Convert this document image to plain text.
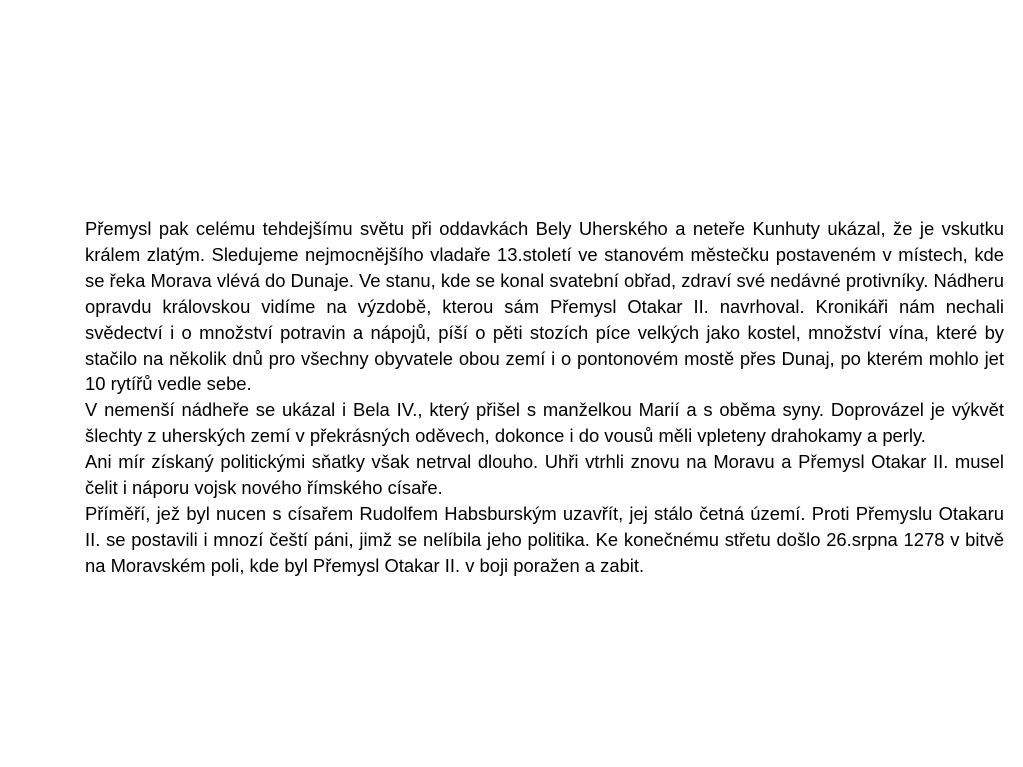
Přemysl pak celému tehdejšímu světu při oddavkách Bely Uherského a neteře Kunhuty ukázal, že je vskutku králem zlatým. Sledujeme nejmocnějšího vladaře 13.století ve stanovém městečku postaveném v místech, kde se řeka Morava vlévá do Dunaje. Ve stanu, kde se konal svatební obřad, zdraví své nedávné protivníky. Nádheru opravdu královskou vidíme na výzdobě, kterou sám Přemysl Otakar II. navrhoval. Kronikáři nám nechali svědectví i o množství potravin a nápojů, píší o pěti stozích píce velkých jako kostel, množství vína, které by stačilo na několik dnů pro všechny obyvatele obou zemí i o pontonovém mostě přes Dunaj, po kterém mohlo jet 10 rytířů vedle sebe.

V nemenší nádheře se ukázal i Bela IV., který přišel s manželkou Marií a s oběma syny. Doprovázel je výkvět šlechty z uherských zemí v překrásných oděvech, dokonce i do vousů měli vpleteny drahokamy a perly.

Ani mír získaný politickými sňatky však netrval dlouho. Uhři vtrhli znovu na Moravu a Přemysl Otakar II. musel čelit i náporu vojsk nového římského císaře.

Příměří, jež byl nucen s císařem Rudolfem Habsburským uzavřít, jej stálo četná území. Proti Přemyslu Otakaru II. se postavili i mnozí čeští páni, jimž se nelíbila jeho politika. Ke konečnému střetu došlo 26.srpna 1278 v bitvě na Moravském poli, kde byl Přemysl Otakar II. v boji poražen a zabit.
